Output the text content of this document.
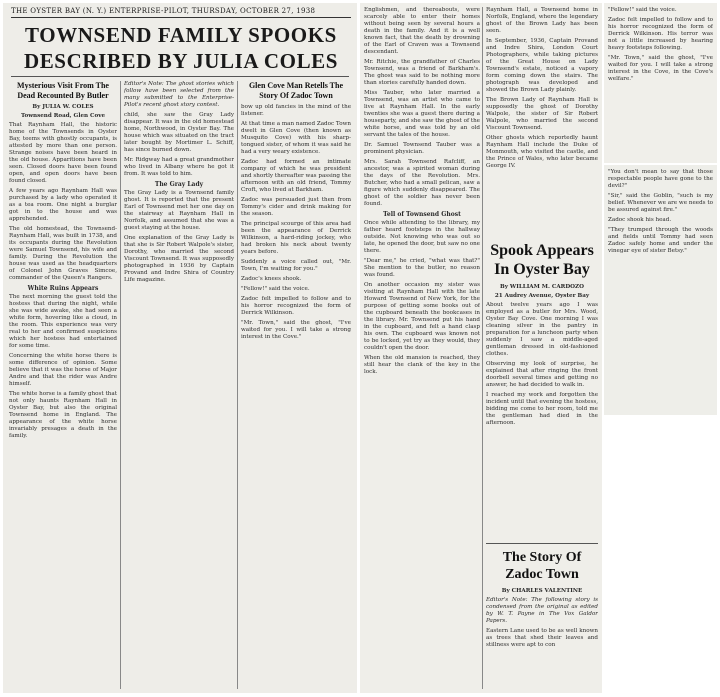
THE OYSTER BAY (N. Y.) ENTERPRISE-PILOT, THURSDAY, OCTOBER 27, 1938
TOWNSEND FAMILY SPOOKS
DESCRIBED BY JULIA COLES
Mysterious Visit From The Dead Recounted By Butler
By JULIA W. COLES
Townsend Road, Glen Cove

That Raynham Hall, the historic home of the Townsends in Oyster Bay, teems with ghostly occupants, is attested by more than one person. Strange noises have been heard in the old house. Apparitions have been seen. Closed doors have been found open, and open doors have been found closed.

A few years ago Raynham Hall was purchased by a lady who operated it as a tea room. One night a burglar got in to the house and was apprehended.

The old homestead, the Townsend-Raynham Hall, was built in 1738, and its occupants during the Revolution were Samuel Townsend, his wife and family. During the Revolution the house was used as the headquarters of Colonel John Graves Simcoe, commander of the Queen's Rangers.

White Ruins Appears

The next morning the guest told the hostess that during the night, while she was wide awake, she had seen a white form, hovering like a cloud, in the room. This experience was very real to her and confirmed suspicions which her hostess had entertained for some time.

Concerning the white horse there is some difference of opinion. Some believe that it was the horse of Major Andre and that the rider was Andre himself.

The white horse is a family ghost that not only haunts Raynham Hall in Oyster Bay, but also the original Townsend home in England. The appearance of the white horse invariably presages a death in the family.

Editor's Note: The ghost stories which follow have been selected from the many submitted to the Enterprise-Pilot's recent ghost story contest.

child, she saw the Gray Lady disappear. It was in the old homestead home, Northwood, in Oyster Bay. The house which was situated on the tract later bought by Mortimer L. Schiff, has since burned down.

Mr. Ridgway had a great grandmother who lived in Albany where he got it from. It was told to him.

The Gray Lady

The Gray Lady is a Townsend family ghost. It is reported that the present Earl of Townsend met her one day on the stairway at Raynham Hall in Norfolk, and assumed that she was a guest staying at the house.

One explanation of the Gray Lady is that she is Sir Robert Walpole's sister, Dorothy, who married the second Viscount Townsend. It was supposedly photographed in 1936 by Captain Provand and Indre Shira of Country Life magazine.

Glen Cove Man Retells The Story Of Zadoc Town

bow up old fancies in the mind of the listener.

At that time a man named Zadoc Town dwelt in Glen Cove (then known as Musquito Cove) with his sharp-tongued sister, of whom it was said he had a very weary existence.

Zadoc had formed an intimate company of which he was president and shortly thereafter was passing the afternoon with an old friend, Tommy Croft, who lived at Barkham.

Zadoc was persuaded just then from Tommy's cider and drink making for the season.

The principal scourge of this area had been the appearance of Derrick Wilkinson, a hard-riding jockey, who had broken his neck about twenty years before.

Suddenly a voice called out, "Mr. Town, I'm waiting for you."

Zadoc's knees shook.

"Fellow!" said the voice.

Zadoc felt impelled to follow and to his horror recognized the form of Derrick Wilkinson.

"Mr. Town," said the ghost, "I've waited for you. I will take a strong interest in the Cove."

Englishmen, and thereabouts, were scarcely able to enter their homes without being seen by several hours a death in the family. And it is a well known fact, that the death by drowning of the Earl of Craven was a Townsend descendant.

Mr. Ritchie, the grandfather of Charles Townsend, was a friend of Barkham's. The ghost was said to be nothing more than stories carefully handed down.

Miss Tauber, who later married a Townsend, was an artist who came to live at Raynham Hall. In the early twenties she was a guest there during a houseparty, and she saw the ghost of the white horse, and was told by an old servant the tales of the house.

Dr. Samuel Townsend Tauber was a prominent physician.

Mrs. Sarah Townsend Rafcliff, an ancestor, was a spirited woman during the days of the Revolution. Mrs. Butcher, who had a small pelican, saw a figure which suddenly disappeared. The ghost of the soldier has never been found.

Tell of Townsend Ghost

Once while attending to the library, my father heard footsteps in the hallway outside. Not knowing who was out so late, he opened the door, but saw no one there.

"Dear me," he cried, "what was that?" She mention to the butler, no reason was found.

On another occasion my sister was visiting at Raynham Hall with the late Howard Townsend of New York, for the purpose of getting some books out of the cupboard beneath the bookcases in the library. Mr. Townsend put his hand in the cupboard, and felt a hand clasp his own. The cupboard was known not to be locked, yet try as they would, they couldn't open the door.

When the old mansion is reached, they still hear the clank of the key in the lock.

Raynham Hall, a Townsend home in Norfolk, England, where the legendary ghost of the Brown Lady has been seen.

In September, 1936, Captain Provand and Indre Shira, London Court Photographers, while taking pictures of the Great House on Lady Townsend's estate, noticed a vapory form coming down the stairs. The photograph was developed and showed the Brown Lady plainly.

The Brown Lady of Raynham Hall is supposedly the ghost of Dorothy Walpole, the sister of Sir Robert Walpole, who married the second Viscount Townsend.

Other ghosts which reportedly haunt Raynham Hall include the Duke of Monmouth, who visited the castle, and the Prince of Wales, who later became George IV.

Spook Appears In Oyster Bay
By WILLIAM M. CARDOZO
21 Audrey Avenue, Oyster Bay

About twelve years ago I was employed as a butler for Mrs. Wood, Oyster Bay Cove. One morning I was cleaning silver in the pantry in preparation for a luncheon party when suddenly I saw a middle-aged gentleman dressed in old-fashioned clothes.

Observing my look of surprise, he explained that after ringing the front doorbell several times and getting no answer, he had decided to walk in.

I reached my work and forgotten the incident until that evening the hostess, bidding me come to her room, told me the gentleman had died in the afternoon.

The Story Of Zadoc Town
By CHARLES VALENTINE

Editor's Note: The following story is condensed from the original as edited by W. T. Payne in The Vox Galdor Papers.

Eastern Lane used to be as well known as trees that shed their leaves and stillness were apt to con

"Fellow!" said the voice.

Zadoc felt impelled to follow and to his horror recognized the form of Derrick Wilkinson. His terror was not a little increased by hearing heavy footsteps following.

"Mr. Town," said the ghost, "I've waited for you. I will take a strong interest in the Cove, in the Cove's welfare."

"You don't mean to say that those respectable people have gone to the devil?"

"Sir," said the Goblin, "such is my belief. Whenever we are we needs to be assured against fire."

Zadoc shook his head.

"They trumped through the woods and fields until Tommy had seen Zadoc safely home and under the vinegar eye of sister Betsy."
